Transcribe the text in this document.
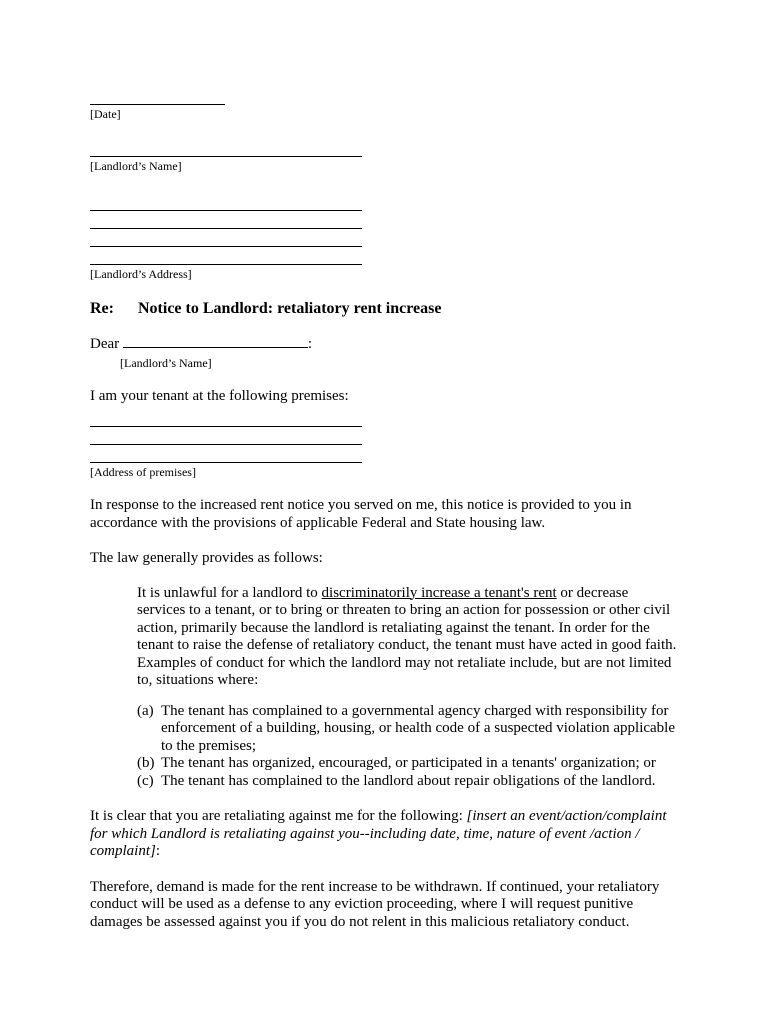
[Date]
[Landlord’s Name]
[Landlord’s Address]

Re: Notice to Landlord: retaliatory rent increase

Dear	:

[Landlord’s Name]

I am your tenant at the following premises:

[Address of premises]

In response to the increased rent notice you served on me, this notice is provided to you in accordance with the provisions of applicable Federal and State housing law.

The law generally provides as follows:

It is unlawful for a landlord to discriminatorily increase a tenant's rent or decrease services to a tenant, or to bring or threaten to bring an action for possession or other civil action, primarily because the landlord is retaliating against the tenant. In order for the tenant to raise the defense of retaliatory conduct, the tenant must have acted in good faith. Examples of conduct for which the landlord may not retaliate include, but are not limited to, situations where:
(a) The tenant has complained to a governmental agency charged with responsibility for enforcement of a building, housing, or health code of a suspected violation applicable to the premises;
(b) The tenant has organized, encouraged, or participated in a tenants' organization; or
(c) The tenant has complained to the landlord about repair obligations of the landlord.

It is clear that you are retaliating against me for the following: [insert an event/action/complaint for which Landlord is retaliating against you--including date, time, nature of event /action / complaint]:

Therefore, demand is made for the rent increase to be withdrawn. If continued, your retaliatory conduct will be used as a defense to any eviction proceeding, where I will request punitive damages be assessed against you if you do not relent in this malicious retaliatory conduct.
